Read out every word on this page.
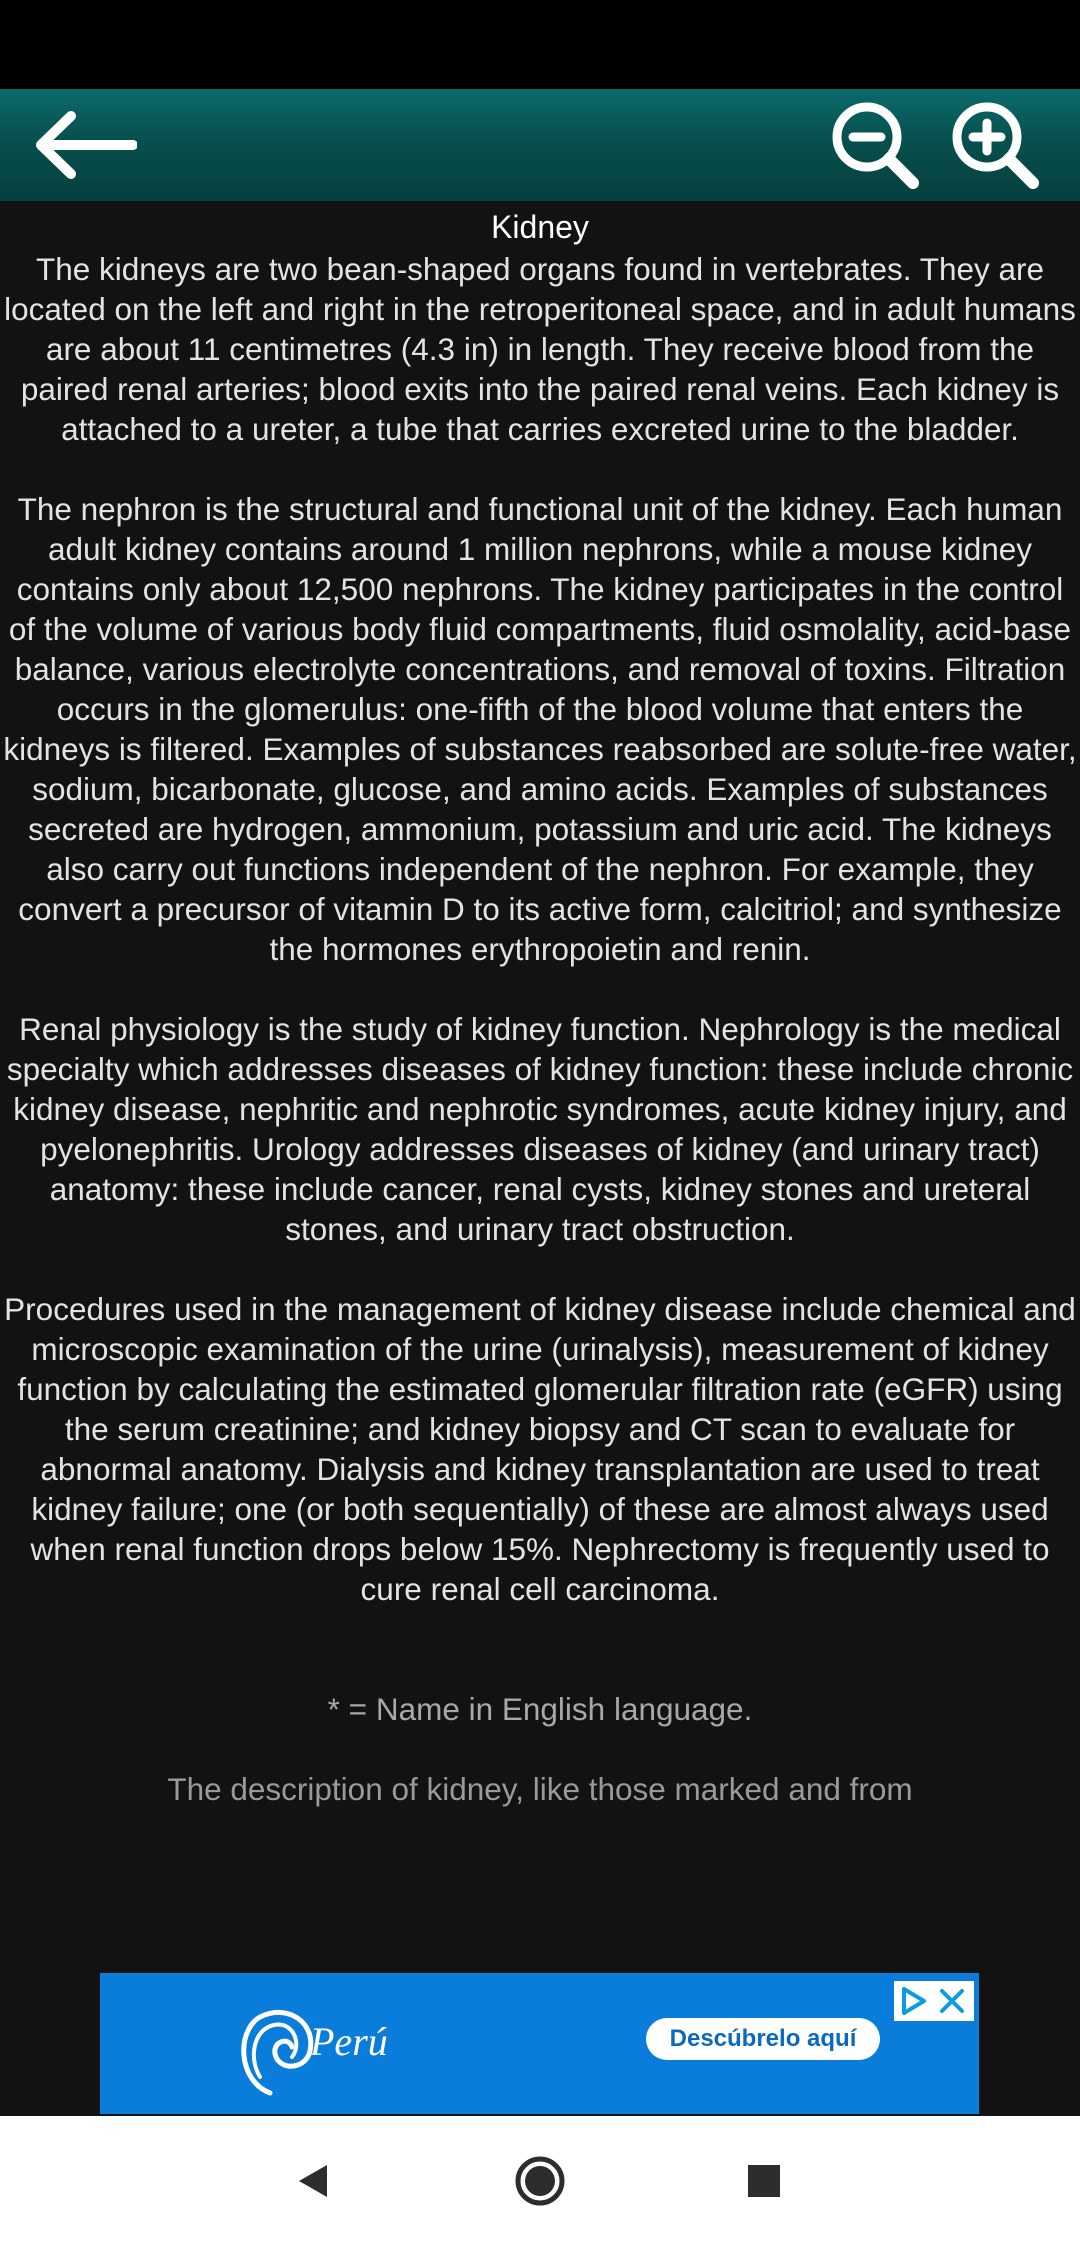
Kidney

The kidneys are two bean-shaped organs found in vertebrates. They are located on the left and right in the retroperitoneal space, and in adult humans are about 11 centimetres (4.3 in) in length. They receive blood from the paired renal arteries; blood exits into the paired renal veins. Each kidney is attached to a ureter, a tube that carries excreted urine to the bladder.

The nephron is the structural and functional unit of the kidney. Each human adult kidney contains around 1 million nephrons, while a mouse kidney contains only about 12,500 nephrons. The kidney participates in the control of the volume of various body fluid compartments, fluid osmolality, acid-base balance, various electrolyte concentrations, and removal of toxins. Filtration occurs in the glomerulus: one-fifth of the blood volume that enters the kidneys is filtered. Examples of substances reabsorbed are solute-free water, sodium, bicarbonate, glucose, and amino acids. Examples of substances secreted are hydrogen, ammonium, potassium and uric acid. The kidneys also carry out functions independent of the nephron. For example, they convert a precursor of vitamin D to its active form, calcitriol; and synthesize the hormones erythropoietin and renin.

Renal physiology is the study of kidney function. Nephrology is the medical specialty which addresses diseases of kidney function: these include chronic kidney disease, nephritic and nephrotic syndromes, acute kidney injury, and pyelonephritis. Urology addresses diseases of kidney (and urinary tract) anatomy: these include cancer, renal cysts, kidney stones and ureteral stones, and urinary tract obstruction.

Procedures used in the management of kidney disease include chemical and microscopic examination of the urine (urinalysis), measurement of kidney function by calculating the estimated glomerular filtration rate (eGFR) using the serum creatinine; and kidney biopsy and CT scan to evaluate for abnormal anatomy. Dialysis and kidney transplantation are used to treat kidney failure; one (or both sequentially) of these are almost always used when renal function drops below 15%. Nephrectomy is frequently used to cure renal cell carcinoma.

* = Name in English language.
The description of kidney, like those marked and from
Perú	Descúbrelo aquí
